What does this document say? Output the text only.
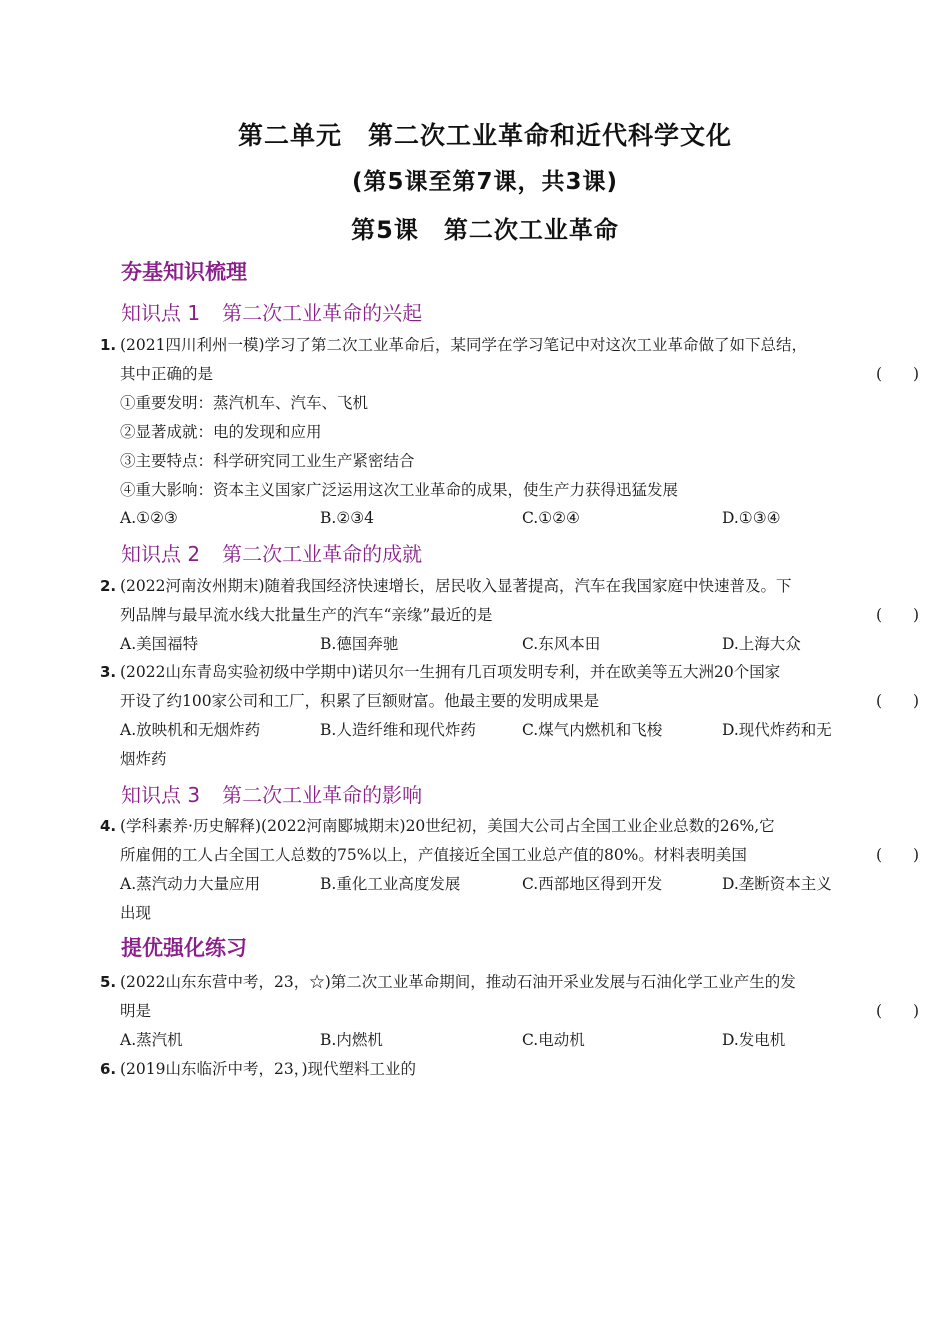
第二单元　第二次工业革命和近代科学文化
(第5课至第7课，共3课)
第5课　第二次工业革命
夯基知识梳理
知识点 1 第二次工业革命的兴起
1. (2021四川利州一模)学习了第二次工业革命后，某同学在学习笔记中对这次工业革命做了如下总结，
其中正确的是	(　　)
①重要发明：蒸汽机车、汽车、飞机
②显著成就：电的发现和应用
③主要特点：科学研究同工业生产紧密结合
④重大影响：资本主义国家广泛运用这次工业革命的成果，使生产力获得迅猛发展
A.①②③	B.②③4	C.①②④	D.①③④
知识点 2 第二次工业革命的成就
2. (2022河南汝州期末)随着我国经济快速增长，居民收入显著提高，汽车在我国家庭中快速普及。下
列品牌与最早流水线大批量生产的汽车“亲缘”最近的是	(　　)
A.美国福特	B.德国奔驰	C.东风本田	D.上海大众
3. (2022山东青岛实验初级中学期中)诺贝尔一生拥有几百项发明专利，并在欧美等五大洲20个国家
开设了约100家公司和工厂，积累了巨额财富。他最主要的发明成果是	(　　)
A.放映机和无烟炸药	B.人造纤维和现代炸药	C.煤气内燃机和飞梭	D.现代炸药和无
烟炸药
知识点 3 第二次工业革命的影响
4. (学科素养·历史解释)(2022河南郾城期末)20世纪初，美国大公司占全国工业企业总数的26%,它
所雇佣的工人占全国工人总数的75%以上，产值接近全国工业总产值的80%。材料表明美国	(　　)
A.蒸汽动力大量应用	B.重化工业高度发展	C.西部地区得到开发	D.垄断资本主义
出现
提优强化练习
5. (2022山东东营中考，23，☆)第二次工业革命期间，推动石油开采业发展与石油化学工业产生的发
明是	(　　)
A.蒸汽机	B.内燃机	C.电动机	D.发电机
6. (2019山东临沂中考，23，)现代塑料工业的
